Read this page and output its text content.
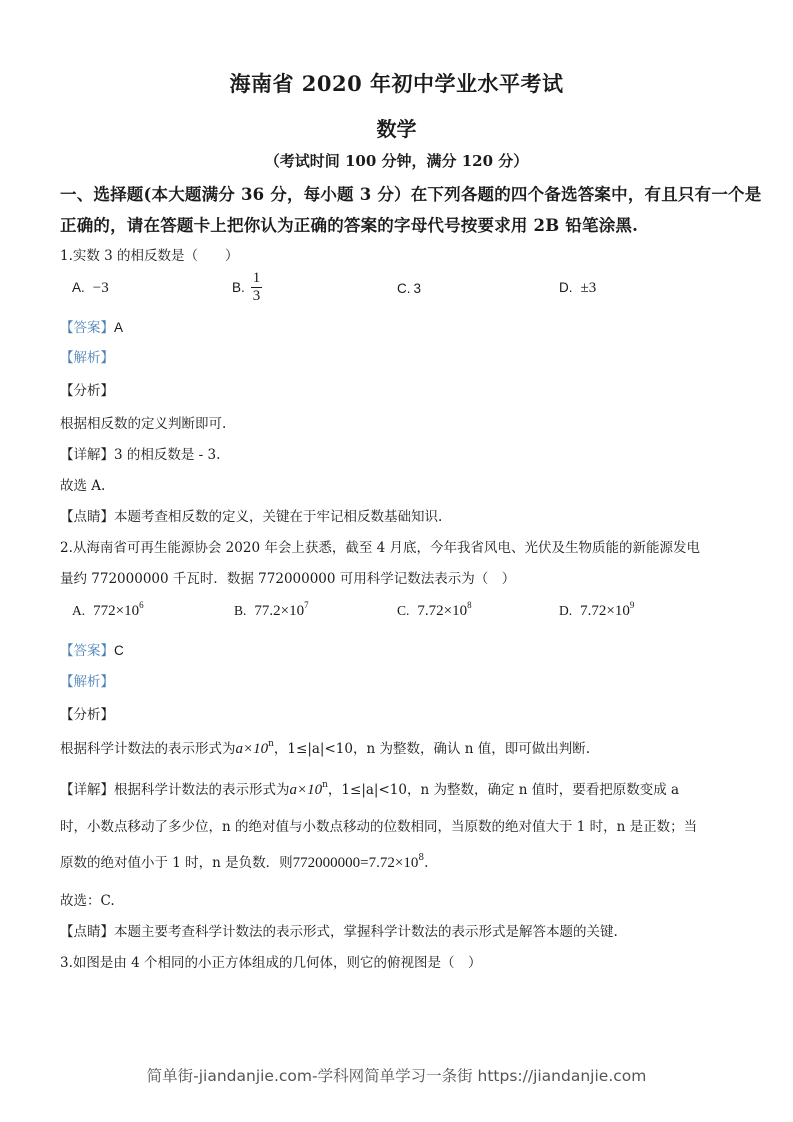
海南省 2020 年初中学业水平考试
数学
（考试时间 100 分钟，满分 120 分）
一、选择题(本大题满分 36 分，每小题 3 分）在下列各题的四个备选答案中，有且只有一个是
正确的，请在答题卡上把你认为正确的答案的字母代号按要求用 2B 铅笔涂黑.
1.实数 3 的相反数是（　　）
A. −3	B. $\frac{1}{3}$	C. 3	D. ±3
【答案】A
【解析】
【分析】
根据相反数的定义判断即可.
【详解】3 的相反数是 - 3.
故选 A.
【点睛】本题考查相反数的定义，关键在于牢记相反数基础知识.
2.从海南省可再生能源协会 2020 年会上获悉，截至 4 月底，今年我省风电、光伏及生物质能的新能源发电
量约 772000000 千瓦时．数据 772000000 可用科学记数法表示为（　）
A. $772\times 10^6$	B. $77.2\times 10^7$	C. $7.72\times 10^8$	D. $7.72\times 10^9$
【答案】C
【解析】
【分析】
根据科学计数法的表示形式为$a\times 10^n$，1≤|a|<10，n 为整数，确认 n 值，即可做出判断.
【详解】根据科学计数法的表示形式为$a\times 10^n$，1≤|a|<10，n 为整数，确定 n 值时，要看把原数变成 a
时，小数点移动了多少位，n 的绝对值与小数点移动的位数相同，当原数的绝对值大于 1 时，n 是正数；当
原数的绝对值小于 1 时，n 是负数．则$772000000=7.72\times 10^8$.
故选：C.
【点睛】本题主要考查科学计数法的表示形式，掌握科学计数法的表示形式是解答本题的关键.
3.如图是由 4 个相同的小正方体组成的几何体，则它的俯视图是（　）
简单街-jiandanjie.com-学科网简单学习一条街 https://jiandanjie.com
